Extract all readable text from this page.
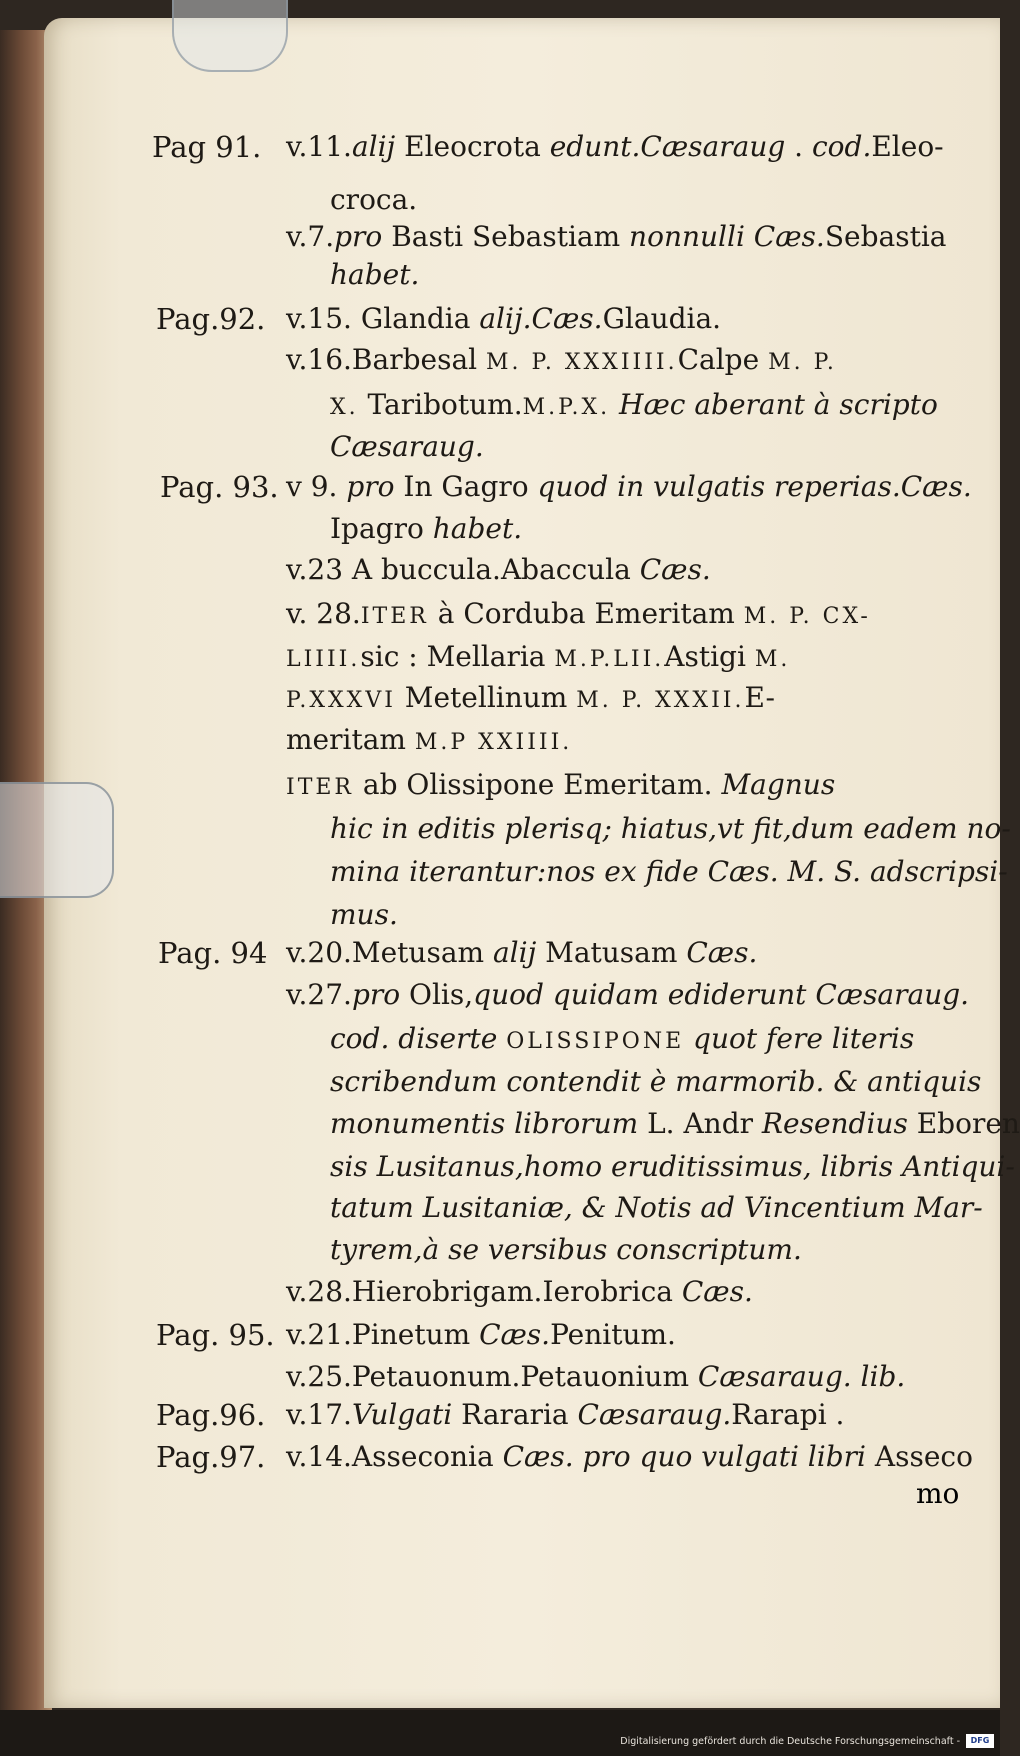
Pag 91. v.11.alij Eleocrota edunt.Cæsaraug . cod.Eleo-
croca.
v.7.pro Basti Sebastiam nonnulli Cæs.Sebastia
habet.
Pag.92. v.15. Glandia alij.Cæs.Glaudia.
v.16.Barbesal M. P. XXXIIII.Calpe M. P.
X. Taribotum.M.P.X. Hæc aberant à scripto
Cæsaraug.
Pag. 93. v 9. pro In Gagro quod in vulgatis reperias.Cæs.
Ipagro habet.
v.23 A buccula.Abaccula Cæs.
v. 28.ITER à Corduba Emeritam M. P. CX-
LIIII.sic : Mellaria M.P.LII.Astigi M.
P.XXXVI Metellinum M. P. XXXII.E-
meritam M.P XXIIII.
ITER ab Olissipone Emeritam. Magnus
hic in editis plerisq; hiatus,vt fit,dum eadem no-
mina iterantur:nos ex fide Cæs. M. S. adscripsi-
mus.
Pag. 94 v.20.Metusam alij Matusam Cæs.
v.27.pro Olis,quod quidam ediderunt Cæsaraug.
cod. diserte OLISSIPONE quot fere literis
scribendum contendit è marmorib. & antiquis
monumentis librorum L. Andr Resendius Eboren
sis Lusitanus,homo eruditissimus, libris Antiqui-
tatum Lusitaniæ, & Notis ad Vincentium Mar-
tyrem,à se versibus conscriptum.
v.28.Hierobrigam.Ierobrica Cæs.
Pag. 95. v.21.Pinetum Cæs.Penitum.
v.25.Petauonum.Petauonium Cæsaraug. lib.
Pag.96. v.17.Vulgati Rararia Cæsaraug.Rarapi .
Pag.97. v.14.Asseconia Cæs. pro quo vulgati libri Asseco
mo
Digitalisierung gefördert durch die Deutsche Forschungsgemeinschaft -	DFG
